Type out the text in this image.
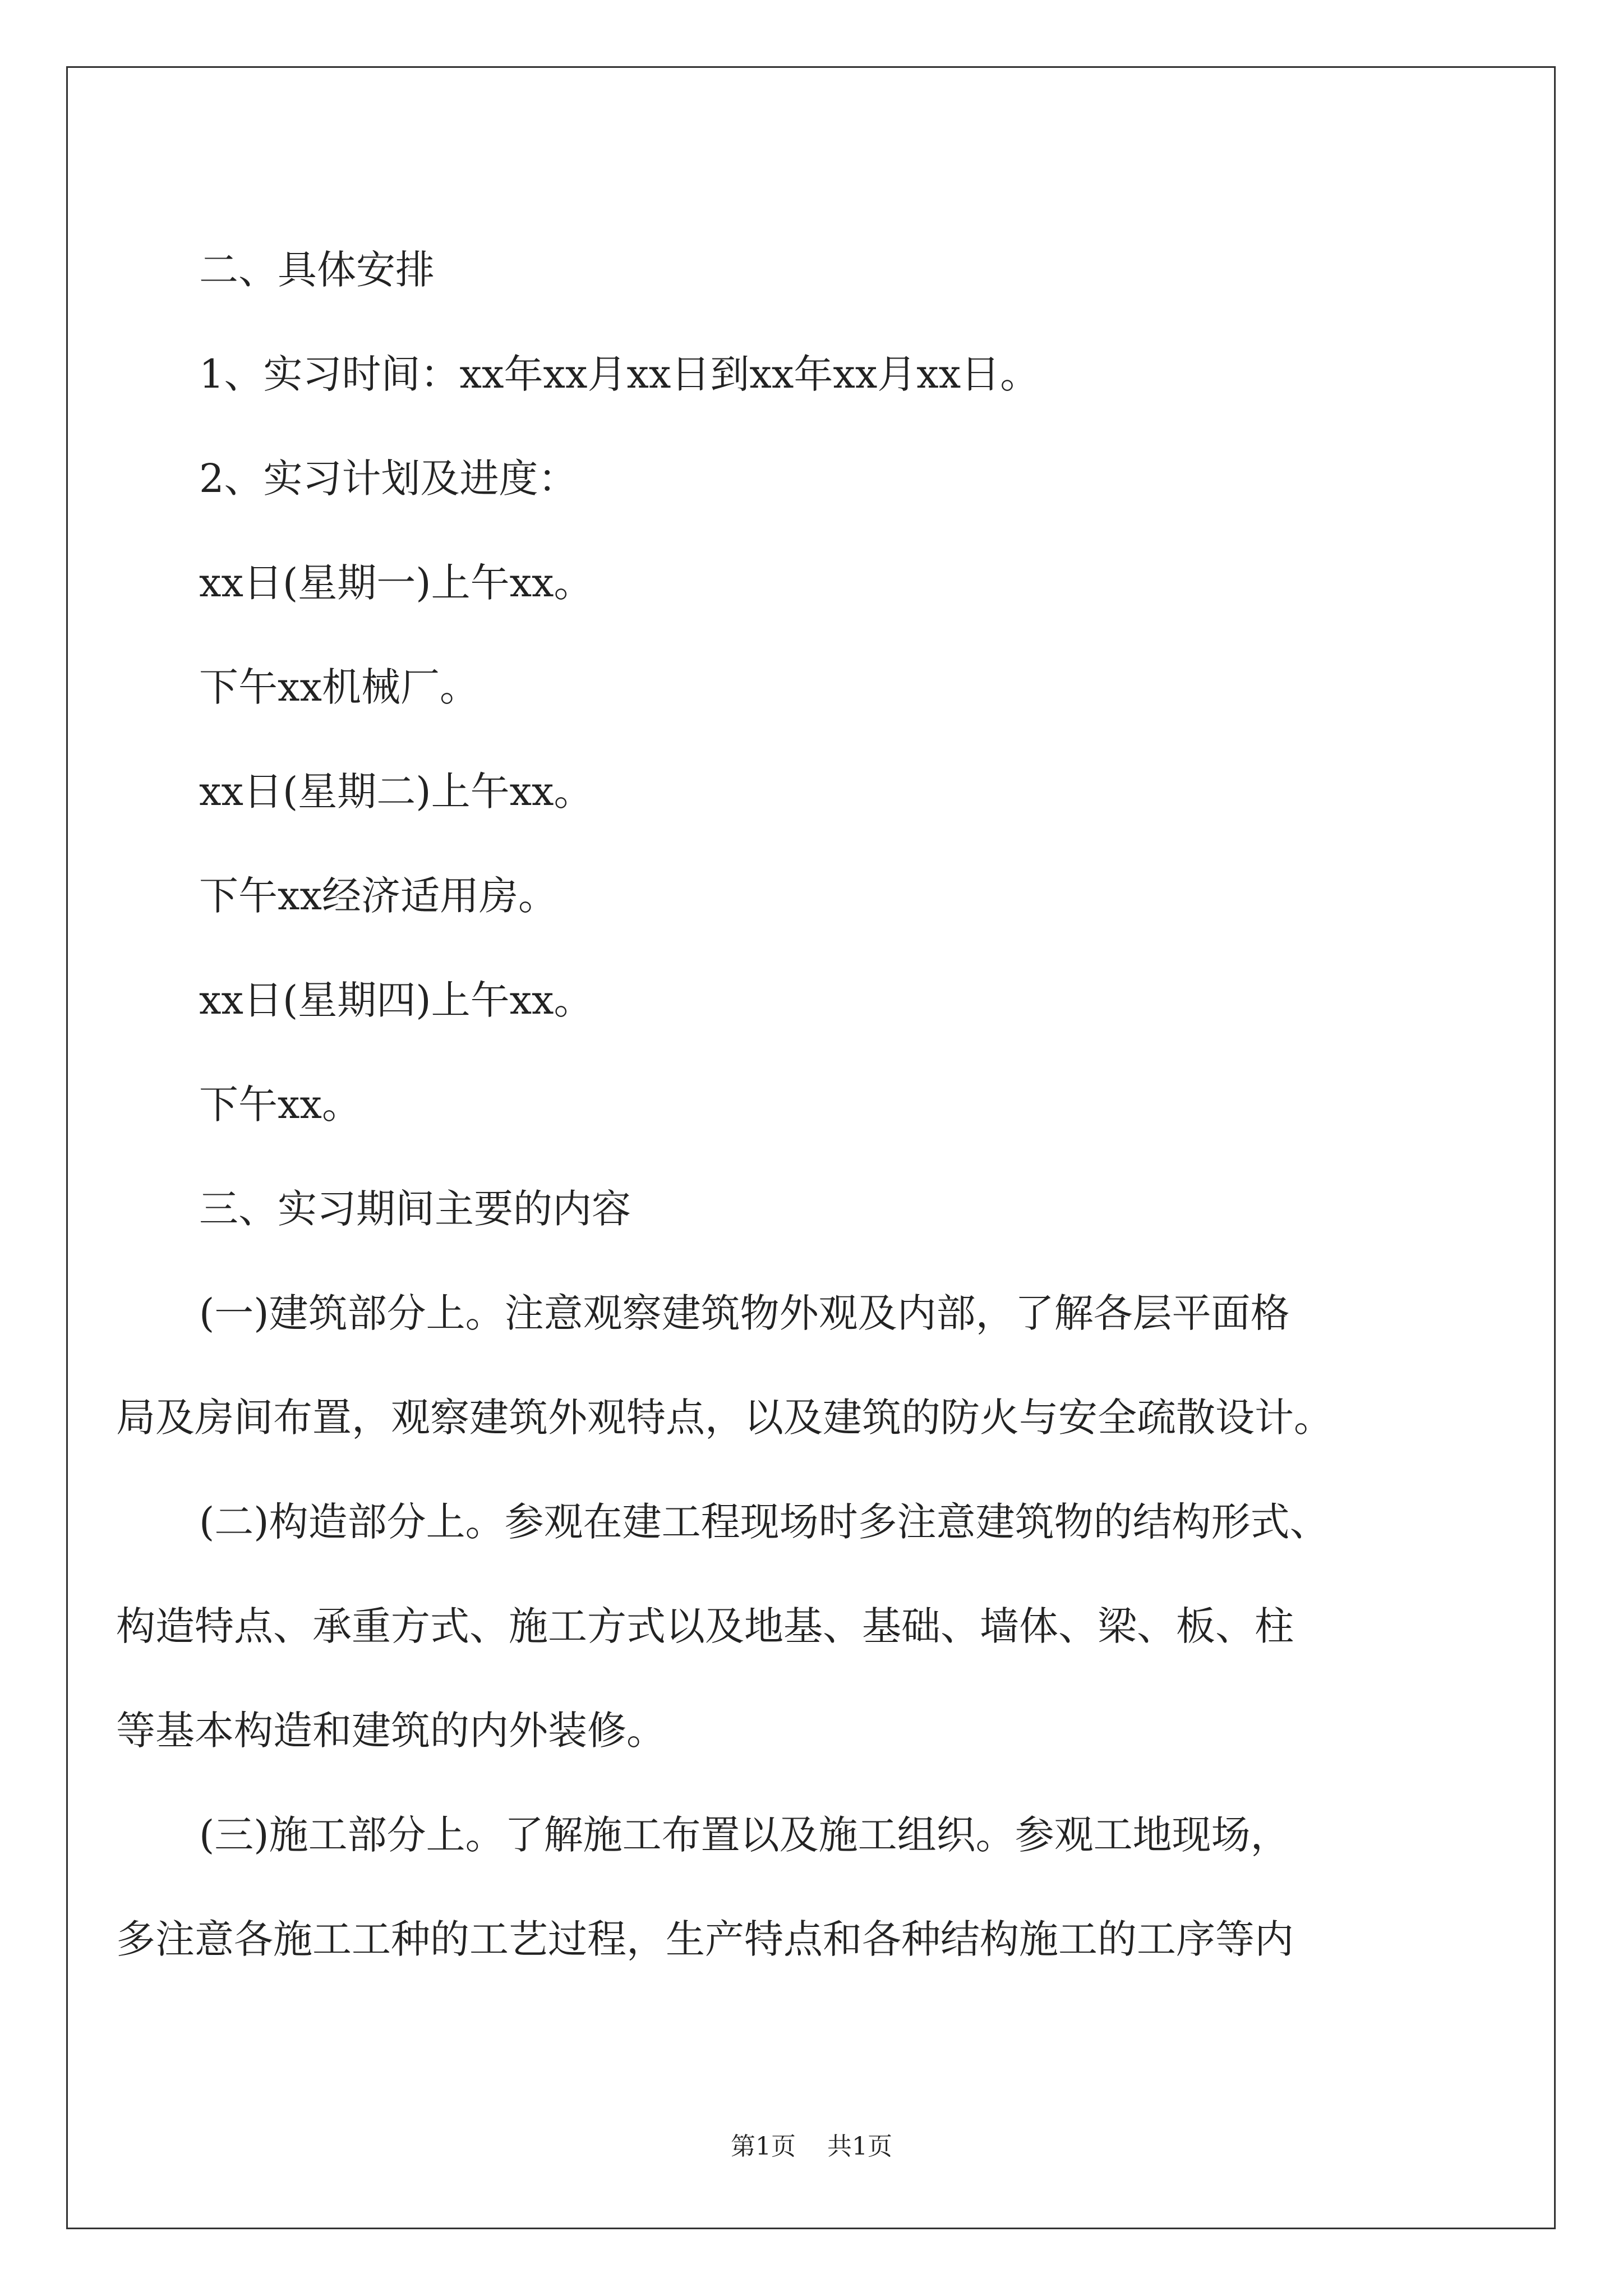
二、具体安排

1、实习时间：xx年xx月xx日到xx年xx月xx日。

2、实习计划及进度：

xx日(星期一)上午xx。

下午xx机械厂。

xx日(星期二)上午xx。

下午xx经济适用房。

xx日(星期四)上午xx。

下午xx。

三、实习期间主要的内容

(一)建筑部分上。注意观察建筑物外观及内部，了解各层平面格
局及房间布置，观察建筑外观特点，以及建筑的防火与安全疏散设计。
(二)构造部分上。参观在建工程现场时多注意建筑物的结构形式、
构造特点、承重方式、施工方式以及地基、基础、墙体、梁、板、柱
等基本构造和建筑的内外装修。
(三)施工部分上。了解施工布置以及施工组织。参观工地现场，
多注意各施工工种的工艺过程，生产特点和各种结构施工的工序等内
第1页    共1页
